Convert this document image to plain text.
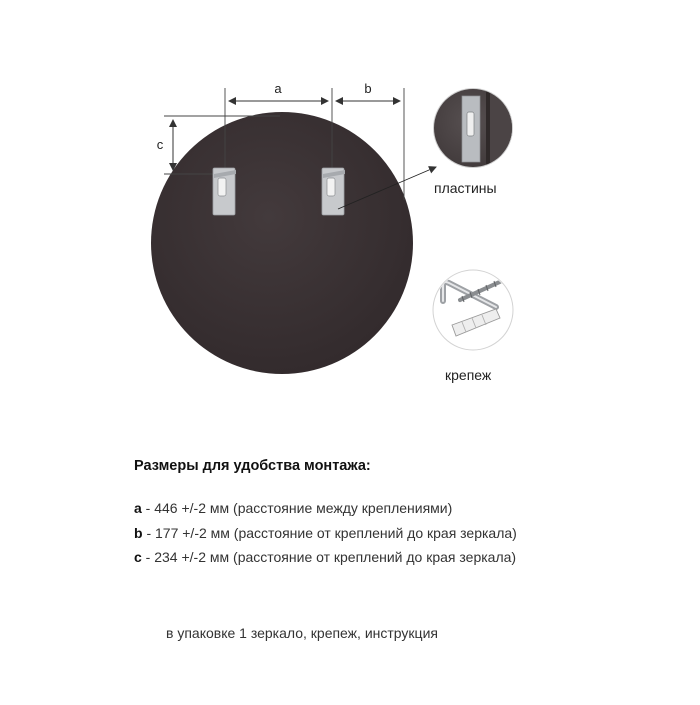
a	b
c
пластины
крепеж
Размеры для удобства монтажа:
a - 446 +/-2 мм (расстояние между креплениями)
b - 177 +/-2 мм (расстояние от креплений до края зеркала)
c - 234 +/-2 мм (расстояние от креплений до края зеркала)
в упаковке 1 зеркало, крепеж, инструкция
